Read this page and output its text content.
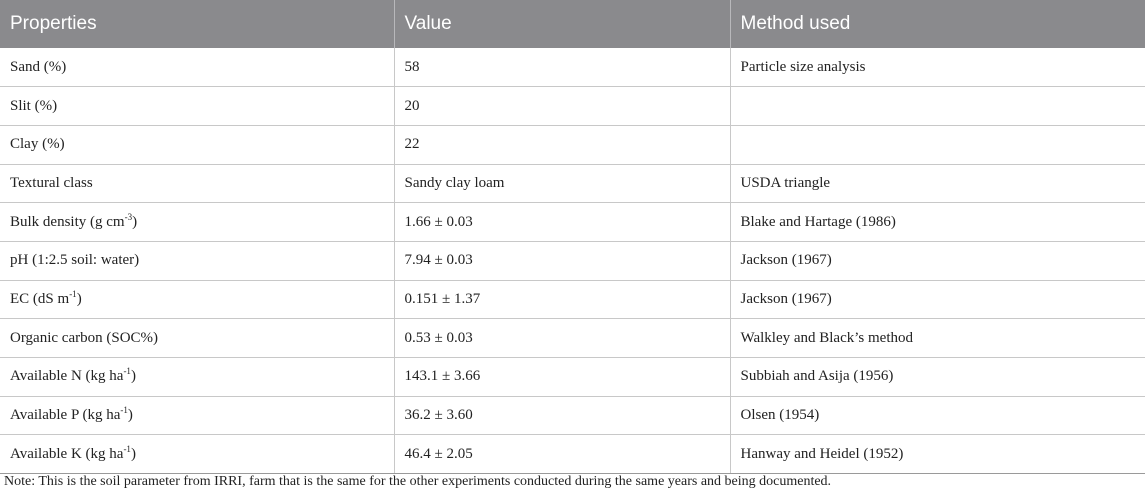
Properties	Value	Method used
Sand (%)	58	Particle size analysis
Slit (%)	20	
Clay (%)	22	
Textural class	Sandy clay loam	USDA triangle
Bulk density (g $cm^{-3}$)	1.66 ± 0.03	Blake and Hartage (1986)
pH (1:2.5 soil: water)	7.94 ± 0.03	Jackson (1967)
EC (dS $m^{-1}$)	0.151 ± 1.37	Jackson (1967)
Organic carbon (SOC%)	0.53 ± 0.03	Walkley and Black’s method
Available N (kg $ha^{-1}$)	143.1 ± 3.66	Subbiah and Asija (1956)
Available P (kg $ha^{-1}$)	36.2 ± 3.60	Olsen (1954)
Available K (kg $ha^{-1}$)	46.4 ± 2.05	Hanway and Heidel (1952)
Note: This is the soil parameter from IRRI, farm that is the same for the other experiments conducted during the same years and being documented.
